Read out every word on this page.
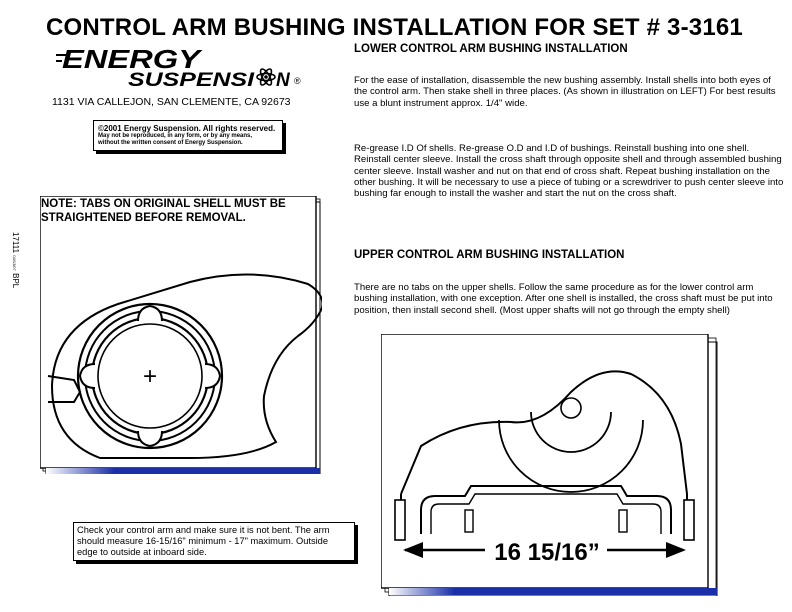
CONTROL ARM BUSHING INSTALLATION FOR SET # 3-3161
ENERGY
SUSPENSI N ®
1131 VIA CALLEJON, SAN CLEMENTE, CA 92673
©2001 Energy Suspension. All rights reserved.
May not be reproduced, in any form, or by any means,
without the written consent of Energy Suspension.
17111 04/13/07 BPL
+
NOTE: TABS ON ORIGINAL SHELL MUST BE STRAIGHTENED BEFORE REMOVAL.
LOWER CONTROL ARM BUSHING INSTALLATION
For the ease of installation, disassemble the new bushing assembly. Install shells into both eyes of the control arm. Then stake shell in three places. (As shown in illustration on LEFT) For best results use a blunt instrument approx. 1/4" wide.
Re-grease I.D Of shells. Re-grease O.D and I.D of bushings. Reinstall bushing into one shell. Reinstall center sleeve. Install the cross shaft through opposite shell and through assembled bushing center sleeve. Install washer and nut on that end of cross shaft. Repeat bushing installation on the other bushing. It will be necessary to use a piece of tubing or a screwdriver to push center sleeve into bushing far enough to install the washer and start the nut on the cross shaft.
UPPER CONTROL ARM BUSHING INSTALLATION
There are no tabs on the upper shells. Follow the same procedure as for the lower control arm bushing installation, with one exception. After one shell is installed, the cross shaft must be put into position, then install second shell. (Most upper shafts will not go through the empty shell)
16 15/16”
Check your control arm and make sure it is not bent. The arm should measure 16-15/16" minimum - 17" maximum. Outside edge to outside at inboard side.
